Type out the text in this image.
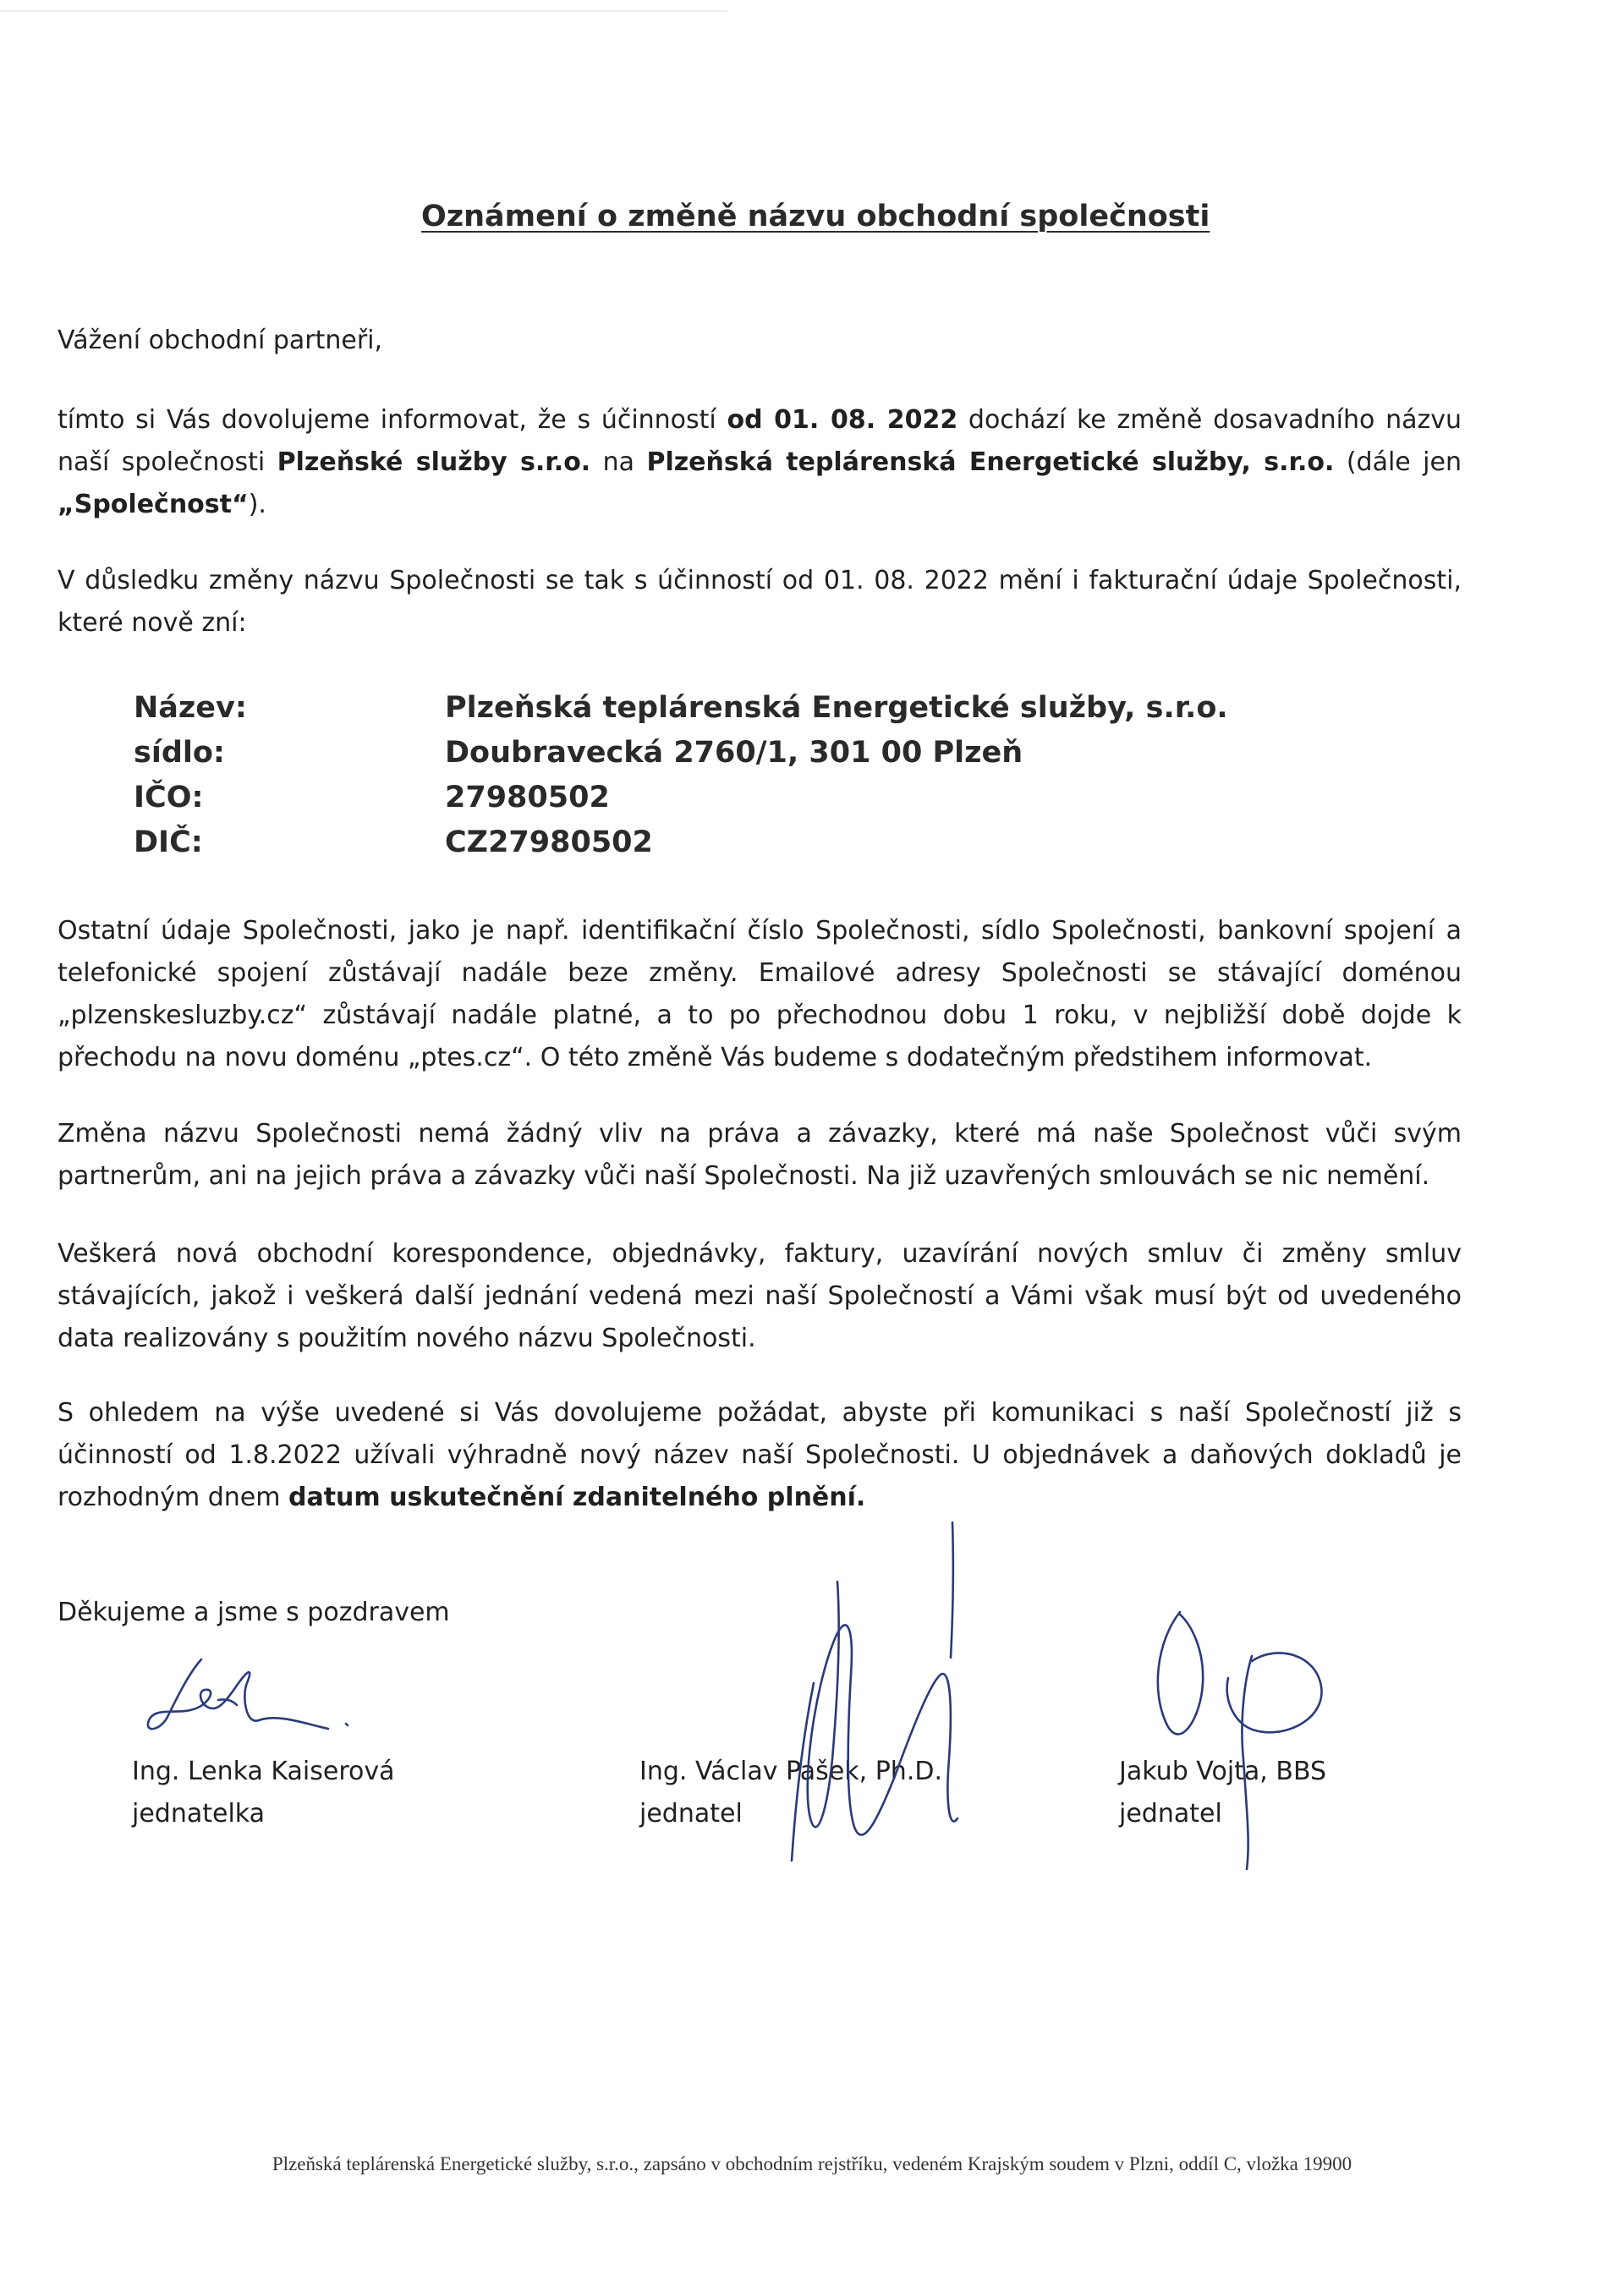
Oznámení o změně názvu obchodní společnosti
Vážení obchodní partneři,
tímto si Vás dovolujeme informovat, že s účinností od 01. 08. 2022 dochází ke změně dosavadního názvu naší společnosti Plzeňské služby s.r.o. na Plzeňská teplárenská Energetické služby, s.r.o. (dále jen „Společnost“).
V důsledku změny názvu Společnosti se tak s účinností od 01. 08. 2022 mění i fakturační údaje Společnosti, které nově zní:
Název:	Plzeňská teplárenská Energetické služby, s.r.o.
sídlo:	Doubravecká 2760/1, 301 00 Plzeň
IČO:	27980502
DIČ:	CZ27980502
Ostatní údaje Společnosti, jako je např. identifikační číslo Společnosti, sídlo Společnosti, bankovní spojení a telefonické spojení zůstávají nadále beze změny. Emailové adresy Společnosti se stávající doménou „plzenskesluzby.cz“ zůstávají nadále platné, a to po přechodnou dobu 1 roku, v nejbližší době dojde k přechodu na novu doménu „ptes.cz“. O této změně Vás budeme s dodatečným předstihem informovat.
Změna názvu Společnosti nemá žádný vliv na práva a závazky, které má naše Společnost vůči svým partnerům, ani na jejich práva a závazky vůči naší Společnosti. Na již uzavřených smlouvách se nic nemění.
Veškerá nová obchodní korespondence, objednávky, faktury, uzavírání nových smluv či změny smluv stávajících, jakož i veškerá další jednání vedená mezi naší Společností a Vámi však musí být od uvedeného data realizovány s použitím nového názvu Společnosti.
S ohledem na výše uvedené si Vás dovolujeme požádat, abyste při komunikaci s naší Společností již s účinností od 1.8.2022 užívali výhradně nový název naší Společnosti. U objednávek a daňových dokladů je rozhodným dnem datum uskutečnění zdanitelného plnění.
Děkujeme a jsme s pozdravem
Ing. Lenka Kaiserová
jednatelka
Ing. Václav Pašek, Ph.D.
jednatel
Jakub Vojta, BBS
jednatel
Plzeňská teplárenská Energetické služby, s.r.o., zapsáno v obchodním rejstříku, vedeném Krajským soudem v Plzni, oddíl C, vložka 19900
